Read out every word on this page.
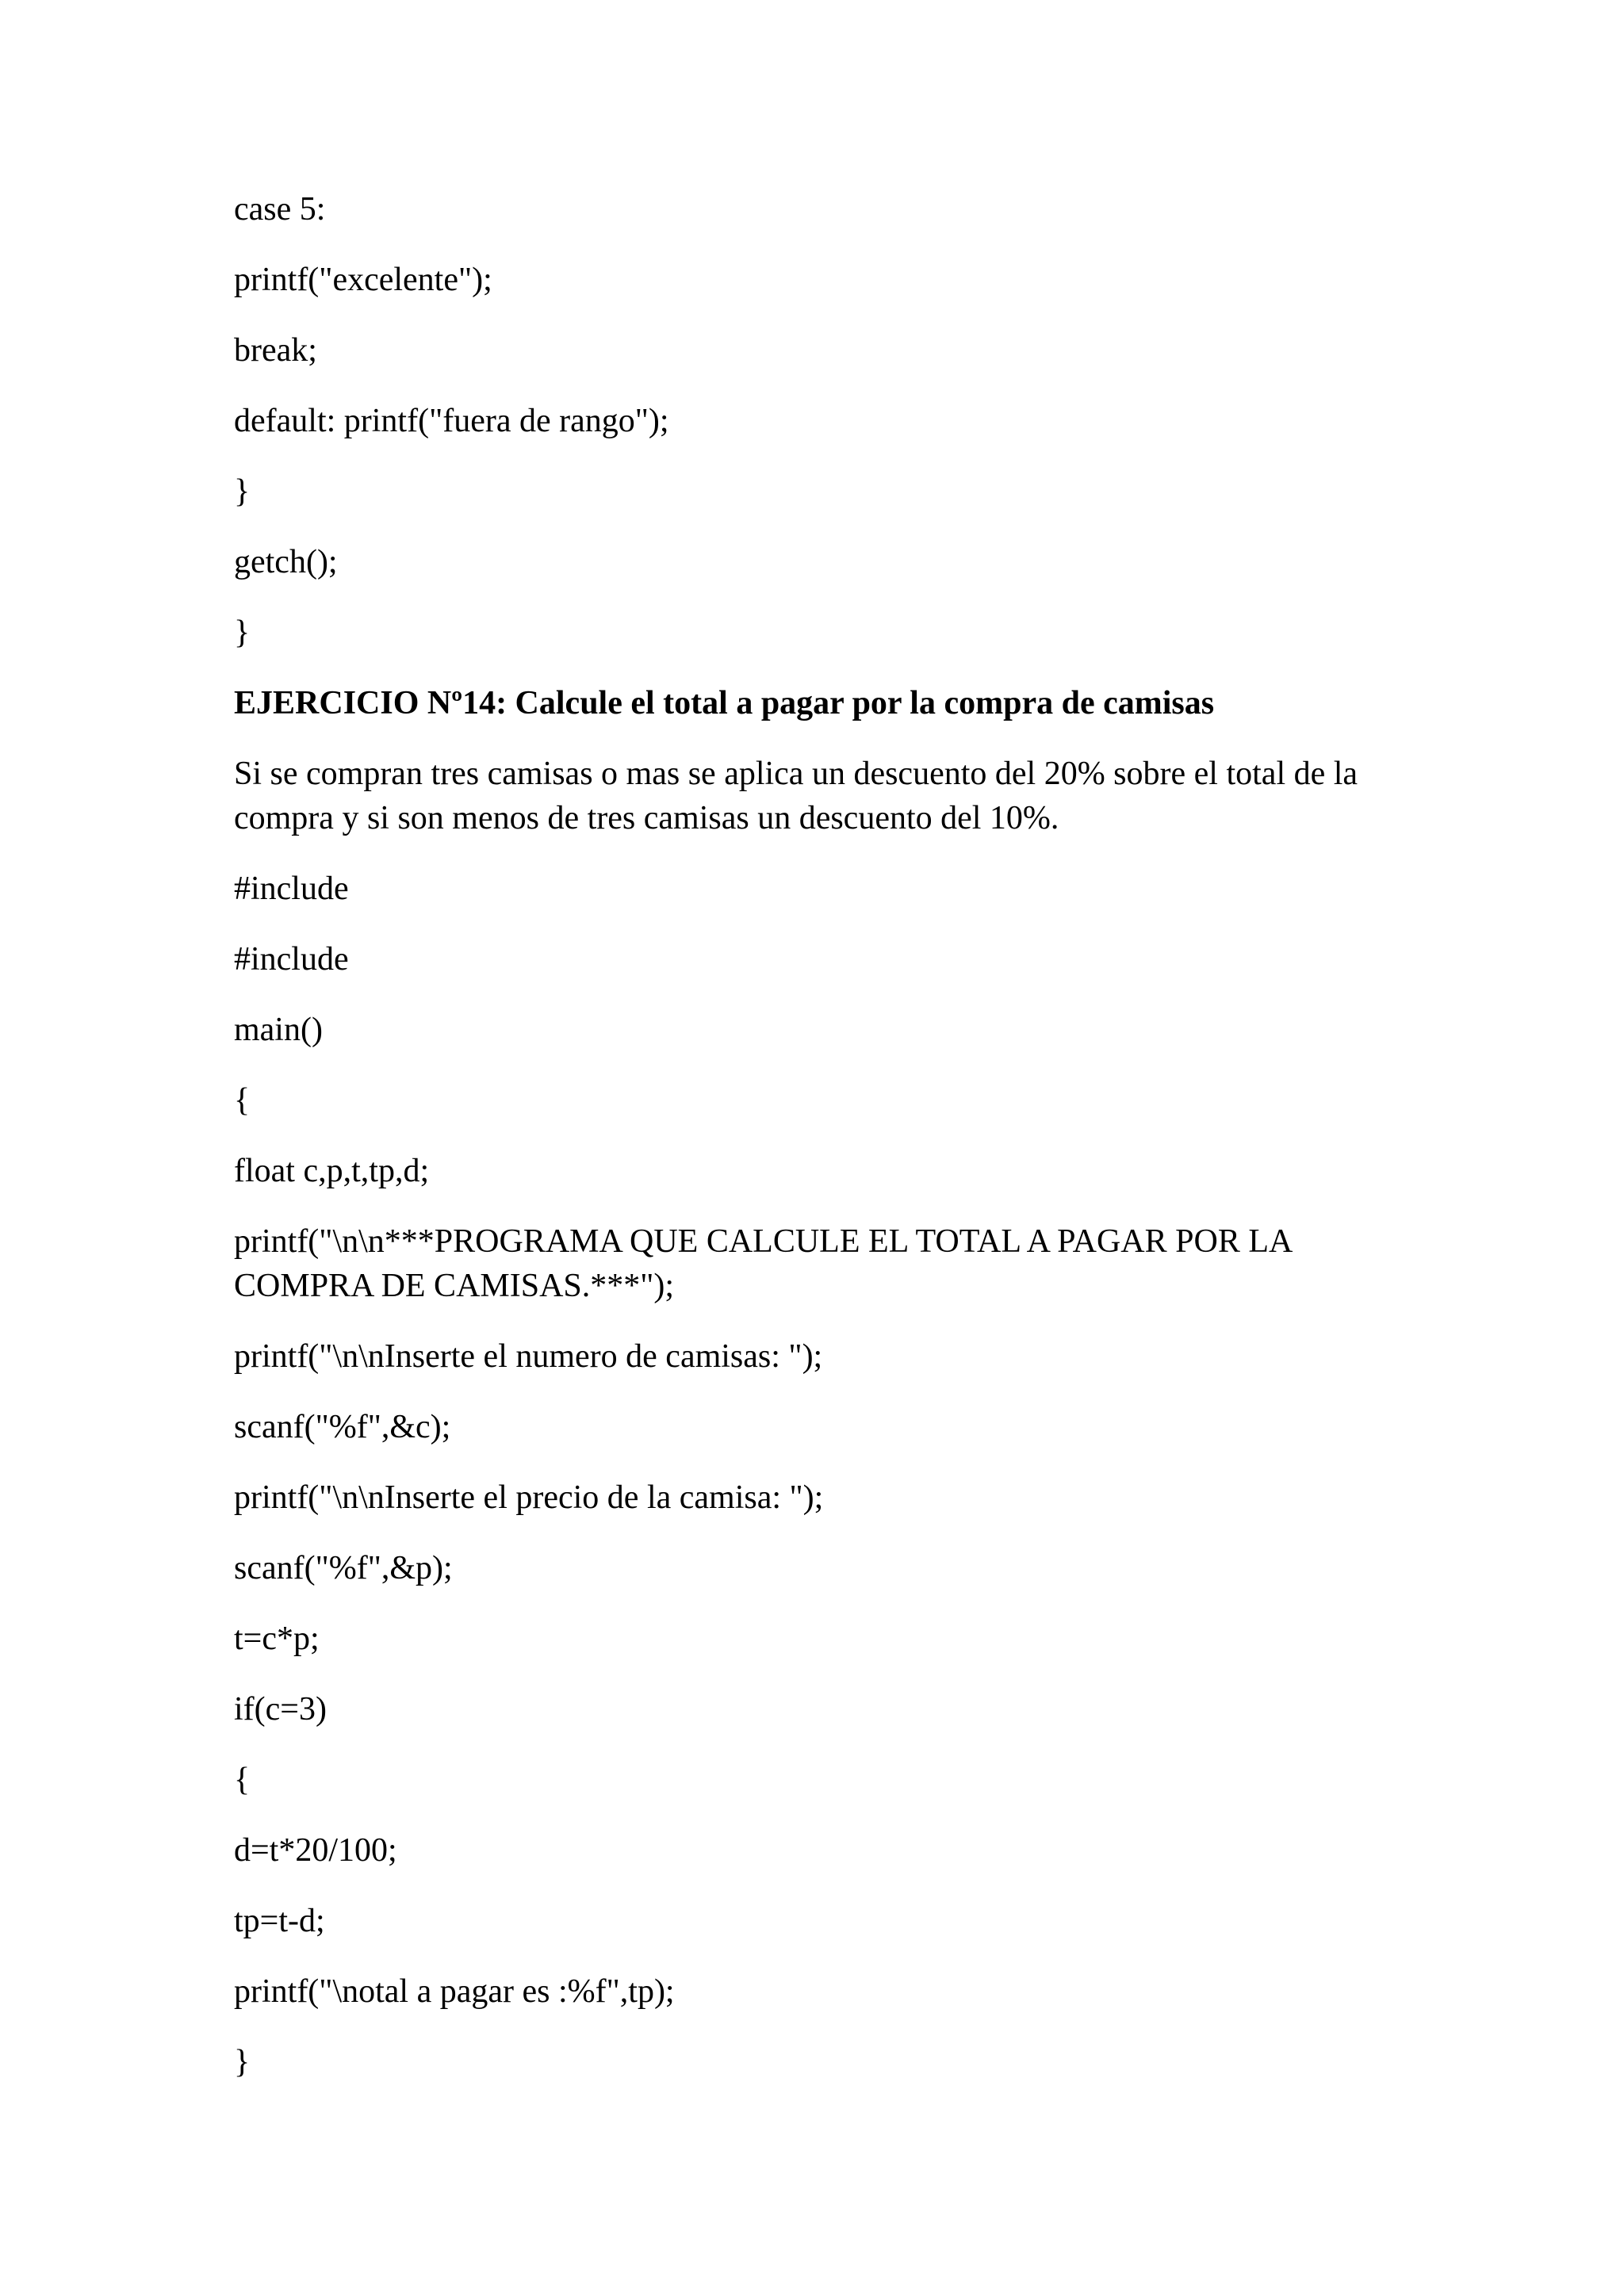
case 5:
printf("excelente");
break;
default: printf("fuera de rango");
}
getch();
}
EJERCICIO Nº14: Calcule el total a pagar por la compra de camisas
Si se compran tres camisas o mas se aplica un descuento del 20% sobre el total de la compra y si son menos de tres camisas un descuento del 10%.
#include
#include
main()
{
float c,p,t,tp,d;
printf("\n\n***PROGRAMA QUE CALCULE EL TOTAL A PAGAR POR LA COMPRA DE CAMISAS.***");
printf("\n\nInserte el numero de camisas: ");
scanf("%f",&c);
printf("\n\nInserte el precio de la camisa: ");
scanf("%f",&p);
t=c*p;
if(c=3)
{
d=t*20/100;
tp=t-d;
printf("\notal a pagar es :%f",tp);
}
